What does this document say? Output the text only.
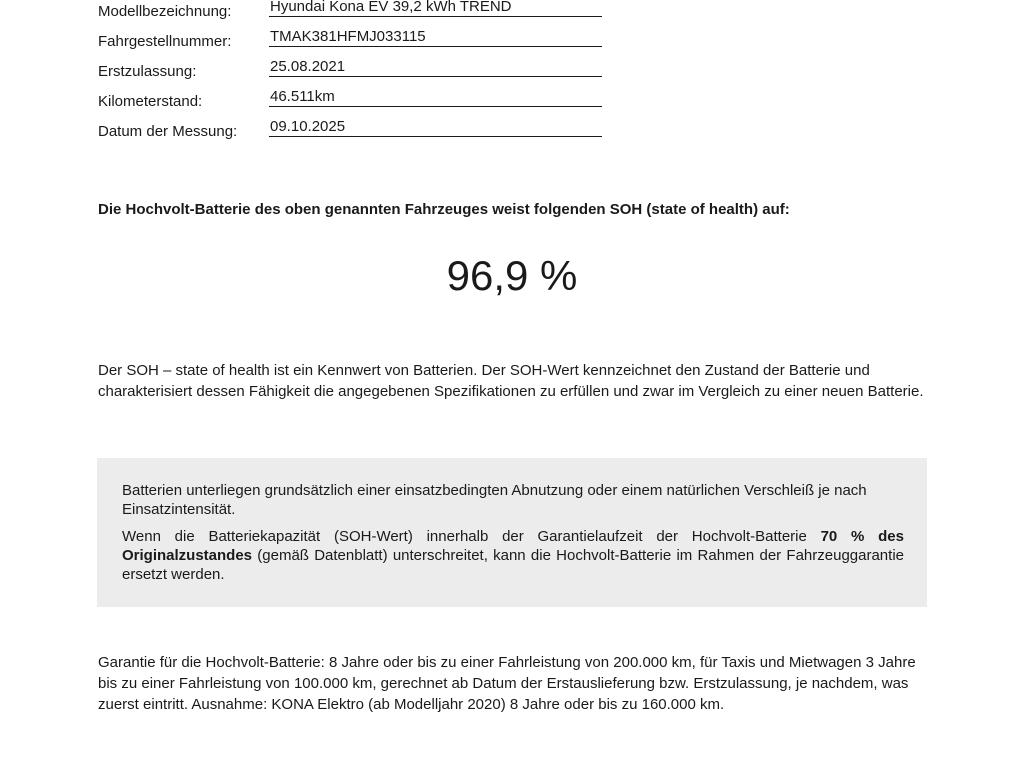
Modellbezeichnung:	Hyundai Kona EV 39,2 kWh TREND
Fahrgestellnummer:	TMAK381HFMJ033115
Erstzulassung:	25.08.2021
Kilometerstand:	46.511km
Datum der Messung: 09.10.2025
Die Hochvolt-Batterie des oben genannten Fahrzeuges weist folgenden SOH (state of health) auf:
96,9 %
Der SOH – state of health ist ein Kennwert von Batterien. Der SOH-Wert kennzeichnet den Zustand der Batterie und charakterisiert dessen Fähigkeit die angegebenen Spezifikationen zu erfüllen und zwar im Vergleich zu einer neuen Batterie.

Batterien unterliegen grundsätzlich einer einsatzbedingten Abnutzung oder einem natürlichen Verschleiß je nach Einsatzintensität.

Wenn die Batteriekapazität (SOH-Wert) innerhalb der Garantielaufzeit der Hochvolt-Batterie 70 % des Originalzustandes (gemäß Datenblatt) unterschreitet, kann die Hochvolt-Batterie im Rahmen der Fahrzeuggarantie ersetzt werden.

Garantie für die Hochvolt-Batterie: 8 Jahre oder bis zu einer Fahrleistung von 200.000 km, für Taxis und Mietwagen 3 Jahre bis zu einer Fahrleistung von 100.000 km, gerechnet ab Datum der Erstauslieferung bzw. Erstzulassung, je nachdem, was zuerst eintritt. Ausnahme: KONA Elektro (ab Modelljahr 2020) 8 Jahre oder bis zu 160.000 km.
